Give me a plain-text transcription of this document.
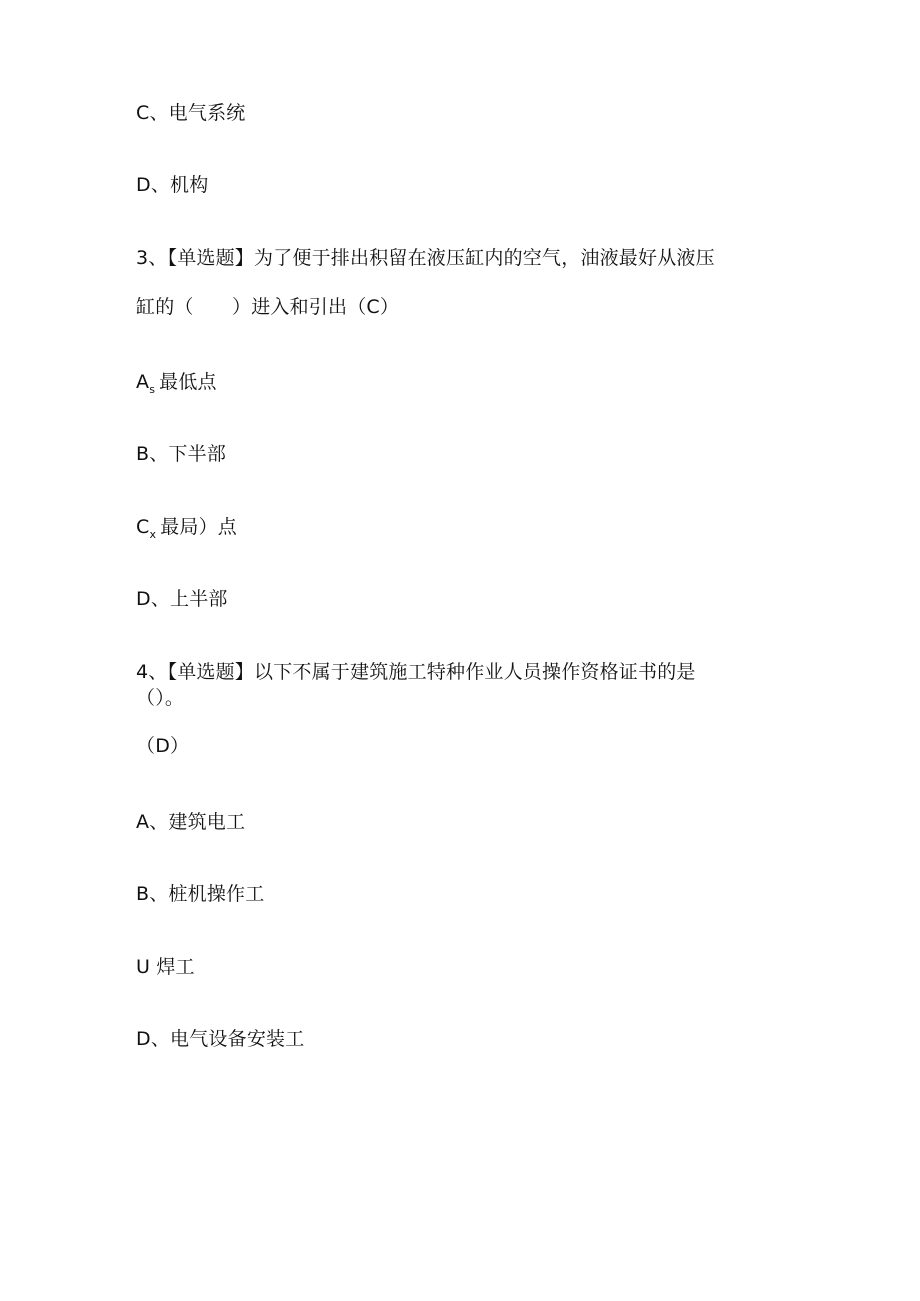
C、电气系统
D、机构
3、【单选题】为了便于排出积留在液压缸内的空气，油液最好从液压
缸的（　　）进入和引出（C）
$A_s$ 最低点
B、下半部
$C_x$ 最局）点
D、上半部
4、【单选题】以下不属于建筑施工特种作业人员操作资格证书的是
（）。
（D）
A、建筑电工
B、桩机操作工
U 焊工
D、电气设备安装工
